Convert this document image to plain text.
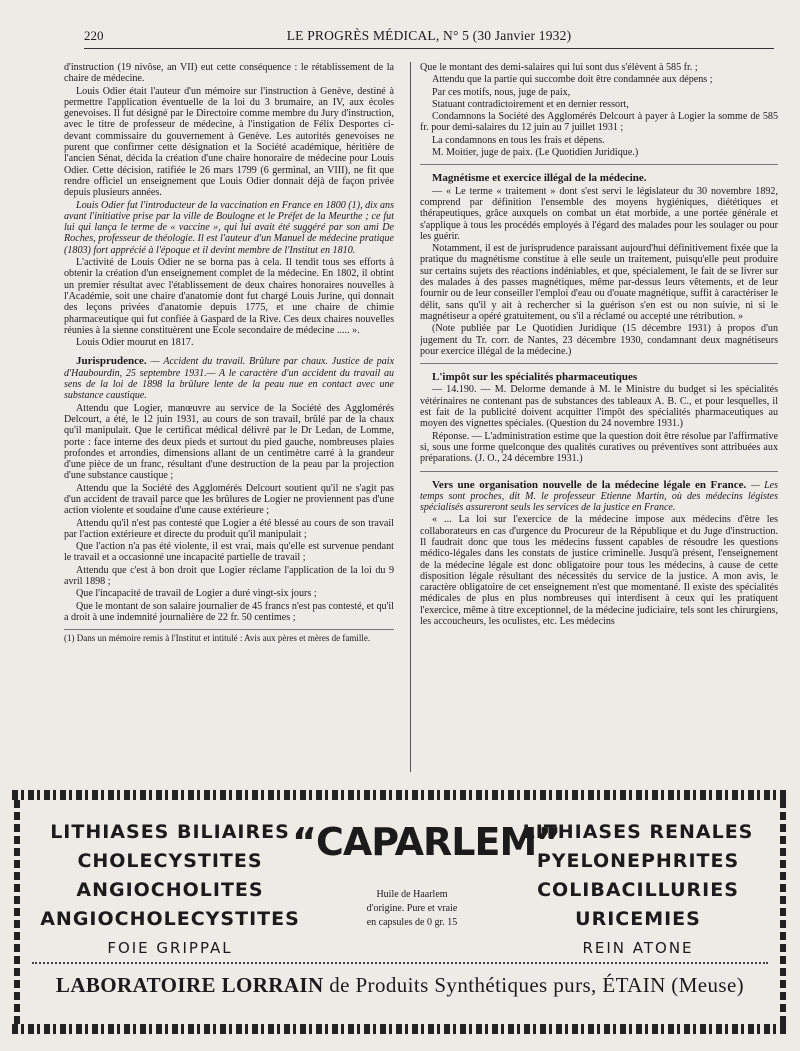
220	LE PROGRÈS MÉDICAL, N° 5 (30 Janvier 1932)

d'instruction (19 nivôse, an VII) eut cette conséquence : le rétablissement de la chaire de médecine.

Louis Odier était l'auteur d'un mémoire sur l'instruction à Genève, destiné à permettre l'application éventuelle de la loi du 3 brumaire, an IV, aux écoles genevoises. Il fut désigné par le Directoire comme membre du Jury d'instruction, avec le titre de professeur de médecine, à l'instigation de Félix Desportes ci-devant commissaire du gouvernement à Genève. Les autorités genevoises ne purent que confirmer cette désignation et la Société académique, héritière de l'ancien Sénat, décida la création d'une chaire honoraire de médecine pour Louis Odier. Cette décision, ratifiée le 26 mars 1799 (6 germinal, an VIII), ne fit que rendre officiel un enseignement que Louis Odier donnait déjà de façon privée depuis plusieurs années.

Louis Odier fut l'introducteur de la vaccination en France en 1800 (1), dix ans avant l'initiative prise par la ville de Boulogne et le Préfet de la Meurthe ; ce fut lui qui lança le terme de « vaccine », qui lui avait été suggéré par son ami De Roches, professeur de théologie. Il est l'auteur d'un Manuel de médecine pratique (1803) fort apprécié à l'époque et il devint membre de l'Institut en 1810.

L'activité de Louis Odier ne se borna pas à cela. Il tendit tous ses efforts à obtenir la création d'un enseignement complet de la médecine. En 1802, il obtint un premier résultat avec l'établissement de deux chaires honoraires nouvelles à l'Académie, soit une chaire d'anatomie dont fut chargé Louis Jurine, qui donnait des leçons privées d'anatomie depuis 1775, et une chaire de chimie pharmaceutique qui fut confiée à Gaspard de la Rive. Ces deux chaires nouvelles réunies à la sienne constituèrent une Ecole secondaire de médecine ..... ».

Louis Odier mourut en 1817.

Jurisprudence. — Accident du travail. Brûlure par chaux. Justice de paix d'Haubourdin, 25 septembre 1931.— A le caractère d'un accident du travail au sens de la loi de 1898 la brûlure lente de la peau nue en contact avec une substance caustique.

Attendu que Logier, manœuvre au service de la Société des Agglomérés Delcourt, a été, le 12 juin 1931, au cours de son travail, brûlé par de la chaux qu'il manipulait. Que le certificat médical délivré par le Dr Ledan, de Lomme, porte : face interne des deux pieds et surtout du pied gauche, nombreuses plaies profondes et arrondies, dimensions allant de un centimètre carré à la grandeur d'une pièce de un franc, résultant d'une destruction de la peau par la projection d'une substance caustique ;

Attendu que la Société des Agglomérés Delcourt soutient qu'il ne s'agit pas d'un accident de travail parce que les brûlures de Logier ne proviennent pas d'une action violente et soudaine d'une cause extérieure ;

Attendu qu'il n'est pas contesté que Logier a été blessé au cours de son travail par l'action extérieure et directe du produit qu'il manipulait ;

Que l'action n'a pas été violente, il est vrai, mais qu'elle est survenue pendant le travail et a occasionné une incapacité partielle de travail ;

Attendu que c'est à bon droit que Logier réclame l'application de la loi du 9 avril 1898 ;

Que l'incapacité de travail de Logier a duré vingt-six jours ;

Que le montant de son salaire journalier de 45 francs n'est pas contesté, et qu'il a droit à une indemnité journalière de 22 fr. 50 centimes ;

(1) Dans un mémoire remis à l'Institut et intitulé : Avis aux pères et mères de famille.

Que le montant des demi-salaires qui lui sont dus s'élèvent à 585 fr. ;

Attendu que la partie qui succombe doit être condamnée aux dépens ;

Par ces motifs, nous, juge de paix,

Statuant contradictoirement et en dernier ressort,

Condamnons la Société des Agglomérés Delcourt à payer à Logier la somme de 585 fr. pour demi-salaires du 12 juin au 7 juillet 1931 ;

La condamnons en tous les frais et dépens.

M. Moitier, juge de paix. (Le Quotidien Juridique.)

Magnétisme et exercice illégal de la médecine.

— « Le terme « traitement » dont s'est servi le législateur du 30 novembre 1892, comprend par définition l'ensemble des moyens hygiéniques, diététiques et thérapeutiques, grâce auxquels on combat un état morbide, a une portée générale et s'applique à tous les procédés employés à l'égard des malades pour les soulager ou pour les guérir.

Notamment, il est de jurisprudence paraissant aujourd'hui définitivement fixée que la pratique du magnétisme constitue à elle seule un traitement, puisqu'elle peut produire sur certains sujets des réactions indéniables, et que, spécialement, le fait de se livrer sur des malades à des passes magnétiques, même par-dessus leurs vêtements, et de leur fournir ou de leur conseiller l'emploi d'eau ou d'ouate magnétique, suffit à caractériser le délit, sans qu'il y ait à rechercher si la guérison s'en est ou non suivie, ni si le magnétiseur a opéré gratuitement, ou s'il a réclamé ou accepté une rétribution. »

(Note publiée par Le Quotidien Juridique (15 décembre 1931) à propos d'un jugement du Tr. corr. de Nantes, 23 décembre 1930, condamnant deux magnétiseurs pour exercice illégal de la médecine.)

L'impôt sur les spécialités pharmaceutiques

— 14.190. — M. Delorme demande à M. le Ministre du budget si les spécialités vétérinaires ne contenant pas de substances des tableaux A. B. C., et pour lesquelles, il est fait de la publicité doivent acquitter l'impôt des spécialités pharmaceutiques au moyen des vignettes spéciales. (Question du 24 novembre 1931.)

Réponse. — L'administration estime que la question doit être résolue par l'affirmative si, sous une forme quelconque des qualités curatives ou préventives sont attribuées aux préparations. (J. O., 24 décembre 1931.)

Vers une organisation nouvelle de la médecine légale en France. — Les temps sont proches, dit M. le professeur Etienne Martin, où des médecins légistes spécialisés assureront seuls les services de la justice en France.

« ... La loi sur l'exercice de la médecine impose aux médecins d'être les collaborateurs en cas d'urgence du Procureur de la République et du Juge d'instruction. Il faudrait donc que tous les médecins fussent capables de résoudre les questions médico-légales dans les constats de justice criminelle. Jusqu'à présent, l'enseignement de la médecine légale est donc obligatoire pour tous les médecins, à cause de cette disposition légale résultant des nécessités du service de la justice. A mon avis, le caractère obligatoire de cet enseignement n'est que momentané. Il existe des spécialités médicales de plus en plus nombreuses qui interdisent à ceux qui les pratiquent l'exercice, même à titre exceptionnel, de la médecine judiciaire, tels sont les chirurgiens, les accoucheurs, les oculistes, etc. Les médecins

LITHIASES BILIAIRES
CHOLECYSTITES
ANGIOCHOLITES
ANGIOCHOLECYSTITES
FOIE GRIPPAL
“CAPARLEM”
Huile de Haarlem
d'origine. Pure et vraie
en capsules de 0 gr. 15
LITHIASES RENALES
PYELONEPHRITES
COLIBACILLURIES
URICEMIES
REIN ATONE
LABORATOIRE LORRAIN de Produits Synthétiques purs, ÉTAIN (Meuse)
